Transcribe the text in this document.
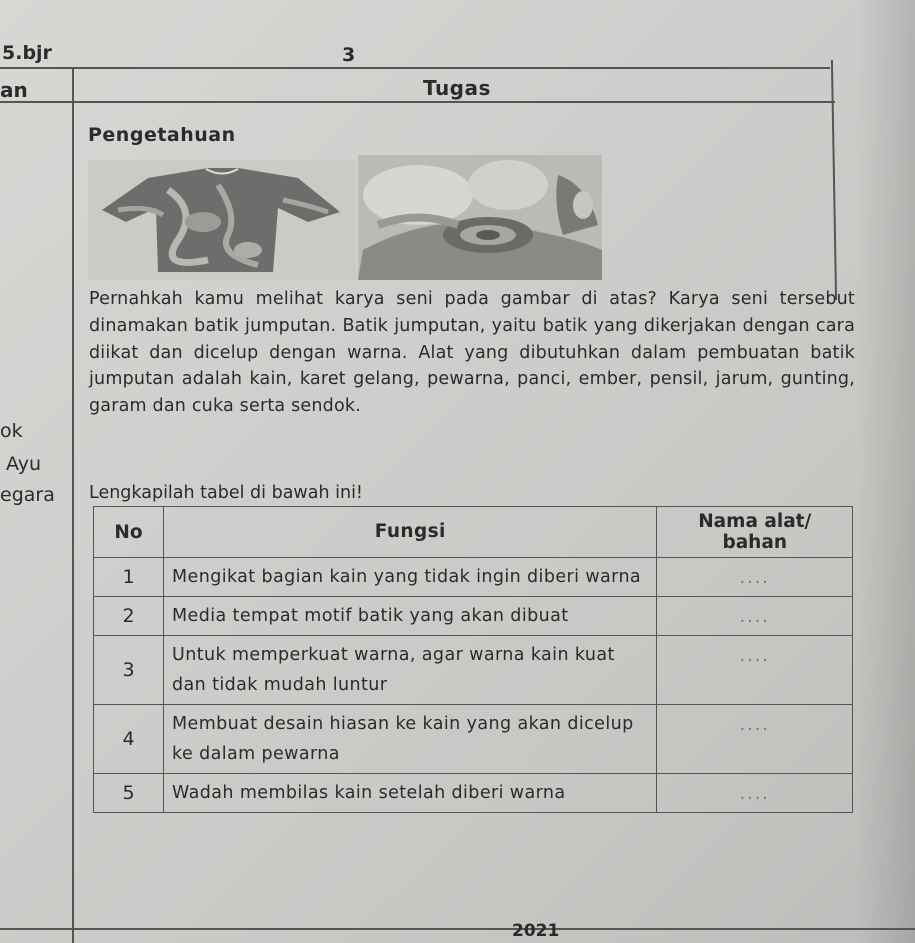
5.bjr	3
an	Tugas
Pengetahuan
Pernahkah kamu melihat karya seni pada gambar di atas? Karya seni tersebut dinamakan batik jumputan. Batik jumputan, yaitu batik yang dikerjakan dengan cara diikat dan dicelup dengan warna. Alat yang dibutuhkan dalam pembuatan batik jumputan adalah kain, karet gelang, pewarna, panci, ember, pensil, jarum, gunting, garam dan cuka serta sendok.
ok
Ayu
egara Lengkapilah tabel di bawah ini!
No	Fungsi	Nama alat/ bahan
1	Mengikat bagian kain yang tidak ingin diberi warna	....
2	Media tempat motif batik yang akan dibuat	....
3	Untuk memperkuat warna, agar warna kain kuat dan tidak mudah luntur	....
4	Membuat desain hiasan ke kain yang akan dicelup ke dalam pewarna	....
5	Wadah membilas kain setelah diberi warna	....
2021
